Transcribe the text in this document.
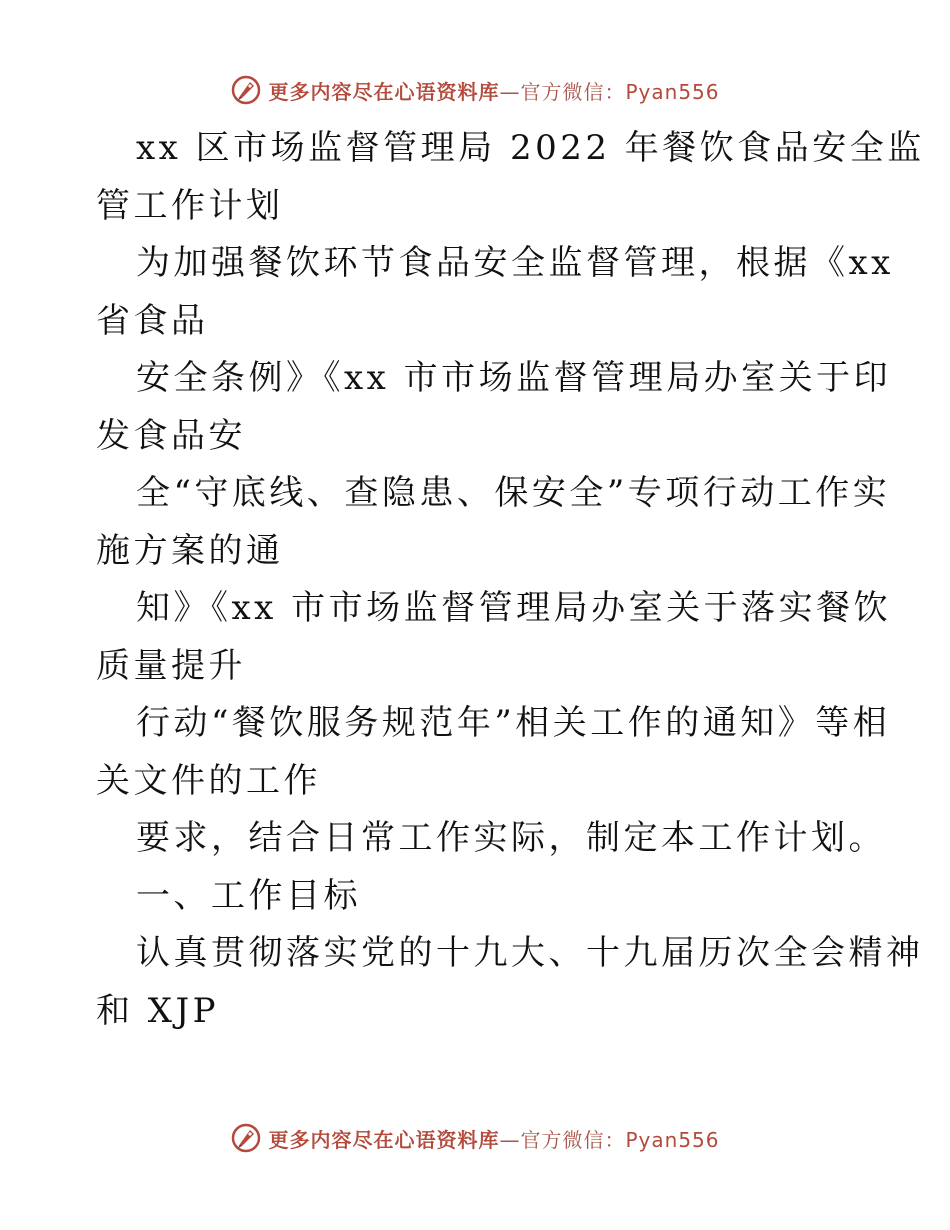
更多内容尽在心语资料库—官方微信：Pyan556
xx 区市场监督管理局 2022 年餐饮食品安全监
管工作计划
为加强餐饮环节食品安全监督管理，根据《xx
省食品
安全条例》《xx 市市场监督管理局办室关于印
发食品安
全“守底线、查隐患、保安全”专项行动工作实
施方案的通
知》《xx 市市场监督管理局办室关于落实餐饮
质量提升
行动“餐饮服务规范年”相关工作的通知》等相
关文件的工作
要求，结合日常工作实际，制定本工作计划。
一、工作目标
认真贯彻落实党的十九大、十九届历次全会精神
和 XJP
更多内容尽在心语资料库—官方微信：Pyan556
